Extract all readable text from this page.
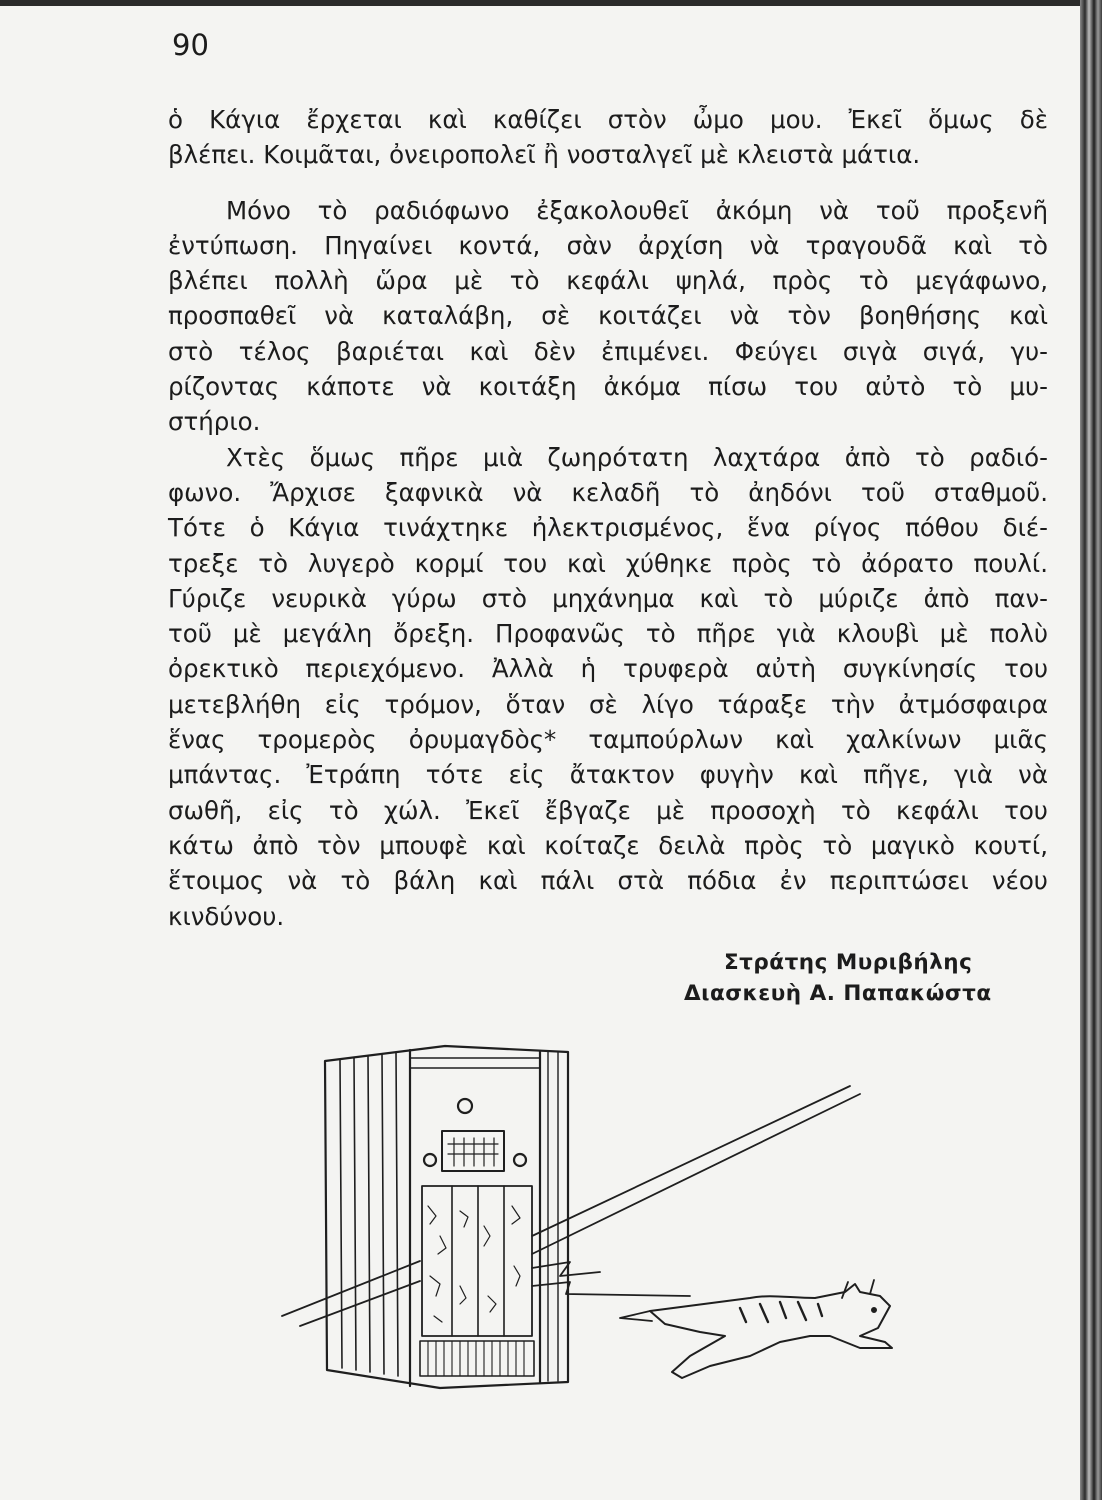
90
ὁ Κάγια ἔρχεται καὶ καθίζει στὸν ὦμο μου. Ἐκεῖ ὅμως δὲ
βλέπει. Κοιμᾶται, ὀνειροπολεῖ ἢ νοσταλγεῖ μὲ κλειστὰ μάτια.
Μόνο τὸ ραδιόφωνο ἐξακολουθεῖ ἀκόμη νὰ τοῦ προξενῆ
ἐντύπωση. Πηγαίνει κοντά, σὰν ἀρχίση νὰ τραγουδᾶ καὶ τὸ
βλέπει πολλὴ ὥρα μὲ τὸ κεφάλι ψηλά, πρὸς τὸ μεγάφωνο,
προσπαθεῖ νὰ καταλάβη, σὲ κοιτάζει νὰ τὸν βοηθήσης καὶ
στὸ τέλος βαριέται καὶ δὲν ἐπιμένει. Φεύγει σιγὰ σιγά, γυ-
ρίζοντας κάποτε νὰ κοιτάξη ἀκόμα πίσω του αὐτὸ τὸ μυ-
στήριο.
Χτὲς ὅμως πῆρε μιὰ ζωηρότατη λαχτάρα ἀπὸ τὸ ραδιό-
φωνο. Ἄρχισε ξαφνικὰ νὰ κελαδῆ τὸ ἀηδόνι τοῦ σταθμοῦ.
Τότε ὁ Κάγια τινάχτηκε ἠλεκτρισμένος, ἕνα ρίγος πόθου διέ-
τρεξε τὸ λυγερὸ κορμί του καὶ χύθηκε πρὸς τὸ ἀόρατο πουλί.
Γύριζε νευρικὰ γύρω στὸ μηχάνημα καὶ τὸ μύριζε ἀπὸ παν-
τοῦ μὲ μεγάλη ὄρεξη. Προφανῶς τὸ πῆρε γιὰ κλουβὶ μὲ πολὺ
ὀρεκτικὸ περιεχόμενο. Ἀλλὰ ἡ τρυφερὰ αὐτὴ συγκίνησίς του
μετεβλήθη εἰς τρόμον, ὅταν σὲ λίγο τάραξε τὴν ἀτμόσφαιρα
ἕνας τρομερὸς ὀρυμαγδὸς* ταμπούρλων καὶ χαλκίνων μιᾶς
μπάντας. Ἐτράπη τότε εἰς ἄτακτον φυγὴν καὶ πῆγε, γιὰ νὰ
σωθῆ, εἰς τὸ χώλ. Ἐκεῖ ἔβγαζε μὲ προσοχὴ τὸ κεφάλι του
κάτω ἀπὸ τὸν μπουφὲ καὶ κοίταζε δειλὰ πρὸς τὸ μαγικὸ κουτί,
ἕτοιμος νὰ τὸ βάλη καὶ πάλι στὰ πόδια ἐν περιπτώσει νέου
κινδύνου.
Στράτης Μυριβήλης
Διασκευὴ Α. Παπακώστα
